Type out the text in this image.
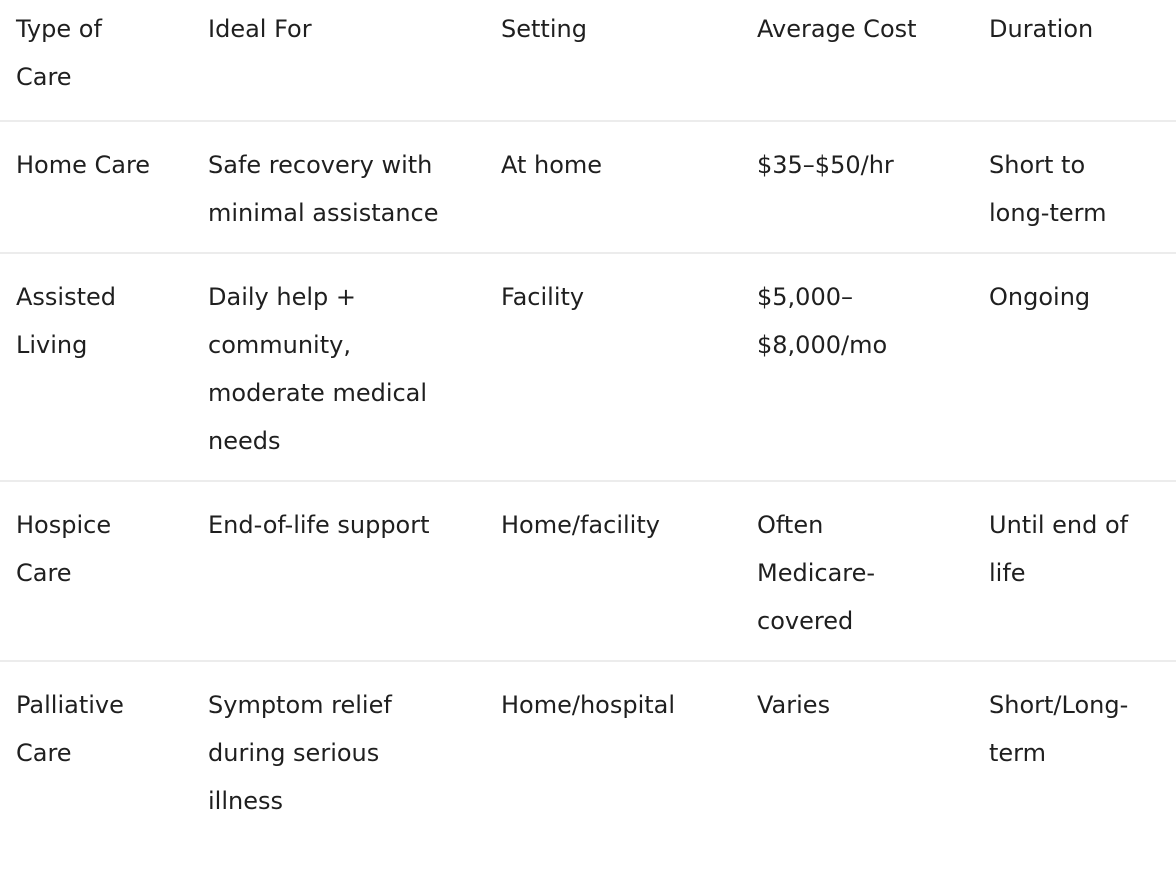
Type of Care	Ideal For	Setting	Average Cost	Duration
Home Care	Safe recovery with minimal assistance	At home	$35–$50/hr	Short to long-term
Assisted Living	Daily help + community, moderate medical needs	Facility	$5,000–$8,000/mo	Ongoing
Hospice Care	End-of-life support	Home/facility	Often Medicare-covered	Until end of life
Palliative Care	Symptom relief during serious illness	Home/hospital	Varies	Short/Long-term
